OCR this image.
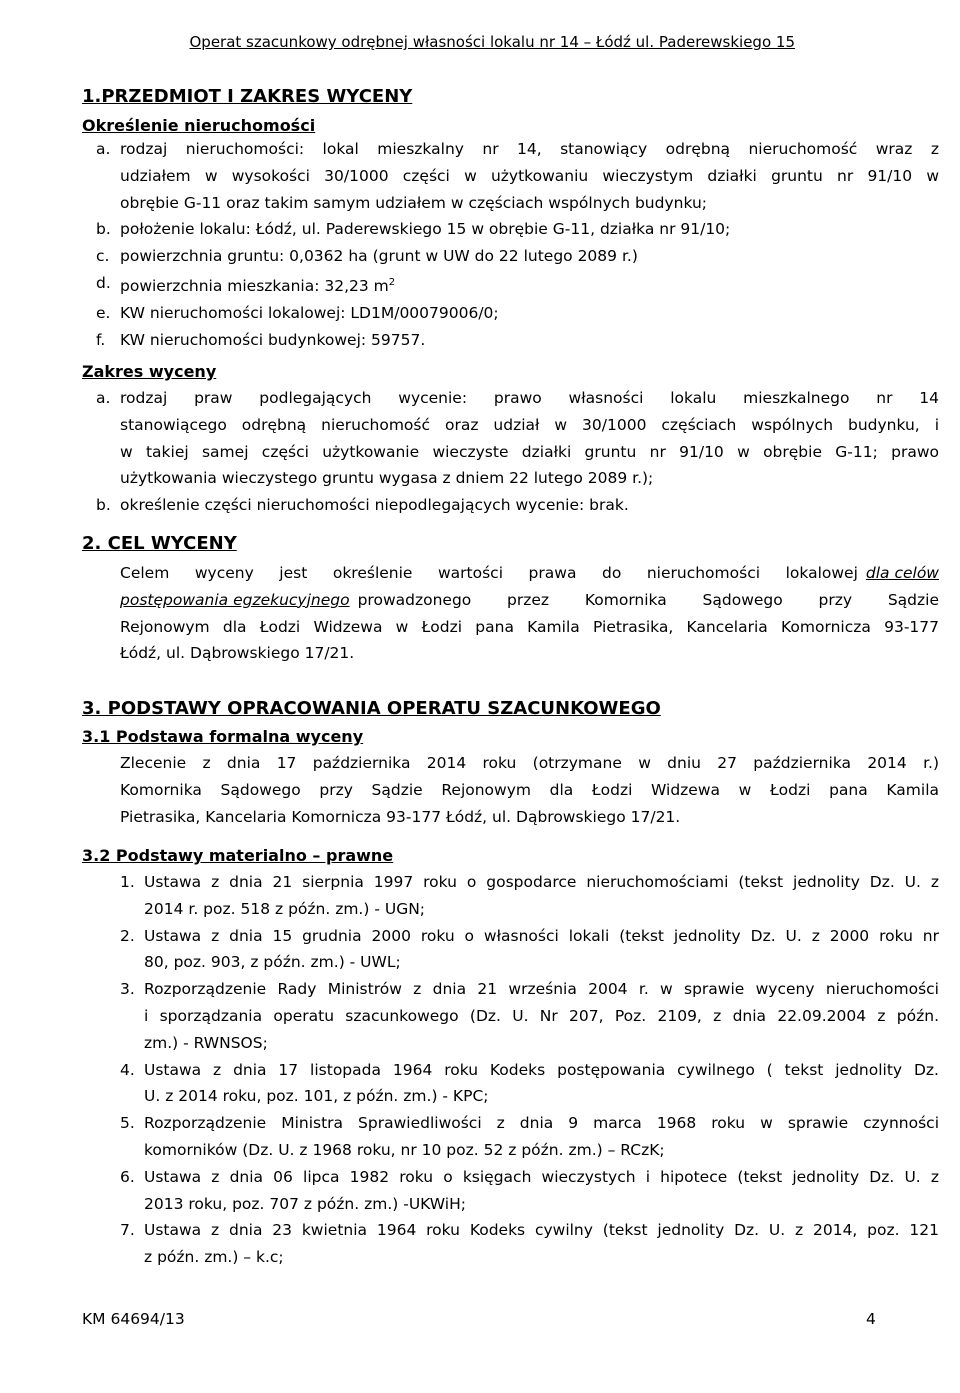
Operat szacunkowy odrębnej własności lokalu nr 14 – Łódź ul. Paderewskiego 15
1.PRZEDMIOT I ZAKRES WYCENY
Określenie nieruchomości
a. rodzaj nieruchomości: lokal mieszkalny nr 14, stanowiący odrębną nieruchomość wraz z
udziałem w wysokości 30/1000 części w użytkowaniu wieczystym działki gruntu nr 91/10 w
obrębie G-11 oraz takim samym udziałem w częściach wspólnych budynku;
b. położenie lokalu: Łódź, ul. Paderewskiego 15 w obrębie G-11, działka nr 91/10;
c. powierzchnia gruntu: 0,0362 ha (grunt w UW do 22 lutego 2089 r.)
d. powierzchnia mieszkania: 32,23 $m^2$
e. KW nieruchomości lokalowej: LD1M/00079006/0;
f. KW nieruchomości budynkowej: 59757.
Zakres wyceny
a. rodzaj praw podlegających wycenie: prawo własności lokalu mieszkalnego nr 14
stanowiącego odrębną nieruchomość oraz udział w 30/1000 częściach wspólnych budynku, i
w takiej samej części użytkowanie wieczyste działki gruntu nr 91/10 w obrębie G-11; prawo
użytkowania wieczystego gruntu wygasa z dniem 22 lutego 2089 r.);
b. określenie części nieruchomości niepodlegających wycenie: brak.
2. CEL WYCENY
Celem wyceny jest określenie wartości prawa do nieruchomości lokalowej dla celów
postępowania egzekucyjnego prowadzonego przez Komornika Sądowego przy Sądzie
Rejonowym dla Łodzi Widzewa w Łodzi pana Kamila Pietrasika, Kancelaria Komornicza 93-177
Łódź, ul. Dąbrowskiego 17/21.
3. PODSTAWY OPRACOWANIA OPERATU SZACUNKOWEGO
3.1 Podstawa formalna wyceny
Zlecenie z dnia 17 października 2014 roku (otrzymane w dniu 27 października 2014 r.)
Komornika Sądowego przy Sądzie Rejonowym dla Łodzi Widzewa w Łodzi pana Kamila
Pietrasika, Kancelaria Komornicza 93-177 Łódź, ul. Dąbrowskiego 17/21.
3.2 Podstawy materialno – prawne
1. Ustawa z dnia 21 sierpnia 1997 roku o gospodarce nieruchomościami (tekst jednolity Dz. U. z
2014 r. poz. 518 z późn. zm.) - UGN;
2. Ustawa z dnia 15 grudnia 2000 roku o własności lokali (tekst jednolity Dz. U. z 2000 roku nr
80, poz. 903, z późn. zm.) - UWL;
3. Rozporządzenie Rady Ministrów z dnia 21 września 2004 r. w sprawie wyceny nieruchomości
i sporządzania operatu szacunkowego (Dz. U. Nr 207, Poz. 2109, z dnia 22.09.2004 z późn.
zm.) - RWNSOS;
4. Ustawa z dnia 17 listopada 1964 roku Kodeks postępowania cywilnego ( tekst jednolity Dz.
U. z 2014 roku, poz. 101, z późn. zm.) - KPC;
5. Rozporządzenie Ministra Sprawiedliwości z dnia 9 marca 1968 roku w sprawie czynności
komorników (Dz. U. z 1968 roku, nr 10 poz. 52 z późn. zm.) – RCzK;
6. Ustawa z dnia 06 lipca 1982 roku o księgach wieczystych i hipotece (tekst jednolity Dz. U. z
2013 roku, poz. 707 z późn. zm.) -UKWiH;
7. Ustawa z dnia 23 kwietnia 1964 roku Kodeks cywilny (tekst jednolity Dz. U. z 2014, poz. 121
z późn. zm.) – k.c;
KM 64694/13	4
